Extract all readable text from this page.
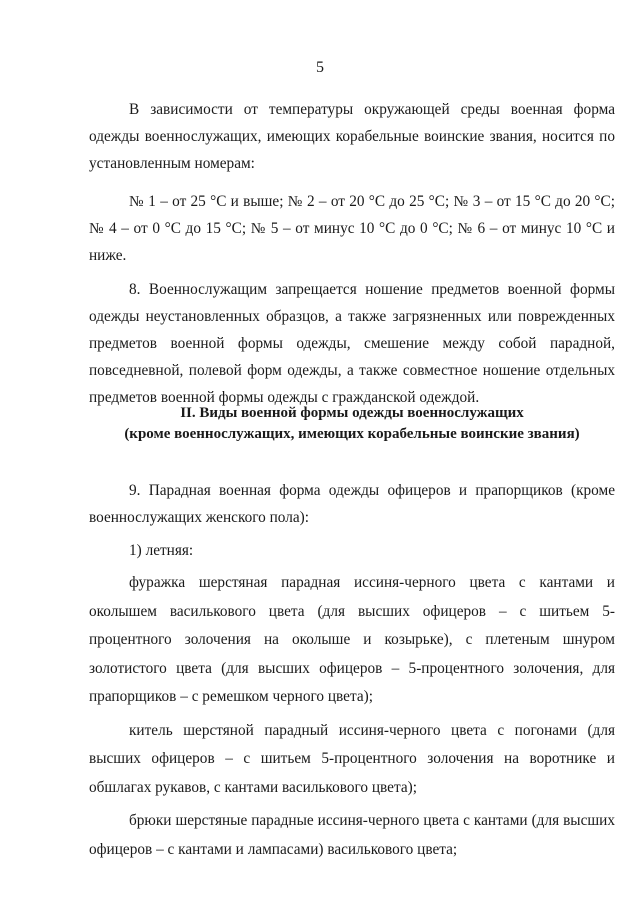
5

В зависимости от температуры окружающей среды военная форма одежды военнослужащих, имеющих корабельные воинские звания, носится по установленным номерам:

№ 1 – от 25 °С и выше; № 2 – от 20 °С до 25 °С; № 3 – от 15 °С до 20 °С; № 4 – от 0 °С до 15 °С; № 5 – от минус 10 °С до 0 °С; № 6 – от минус 10 °С и ниже.

8. Военнослужащим запрещается ношение предметов военной формы одежды неустановленных образцов, а также загрязненных или поврежденных предметов военной формы одежды, смешение между собой парадной, повседневной, полевой форм одежды, а также совместное ношение отдельных предметов военной формы одежды с гражданской одеждой.

II. Виды военной формы одежды военнослужащих
(кроме военнослужащих, имеющих корабельные воинские звания)

9. Парадная военная форма одежды офицеров и прапорщиков (кроме военнослужащих женского пола):

1) летняя:

фуражка шерстяная парадная иссиня-черного цвета с кантами и околышем василькового цвета (для высших офицеров – с шитьем 5-процентного золочения на околыше и козырьке), с плетеным шнуром золотистого цвета (для высших офицеров – 5-процентного золочения, для прапорщиков – с ремешком черного цвета);

китель шерстяной парадный иссиня-черного цвета с погонами (для высших офицеров – с шитьем 5-процентного золочения на воротнике и обшлагах рукавов, с кантами василькового цвета);

брюки шерстяные парадные иссиня-черного цвета с кантами (для высших офицеров – с кантами и лампасами) василькового цвета;
